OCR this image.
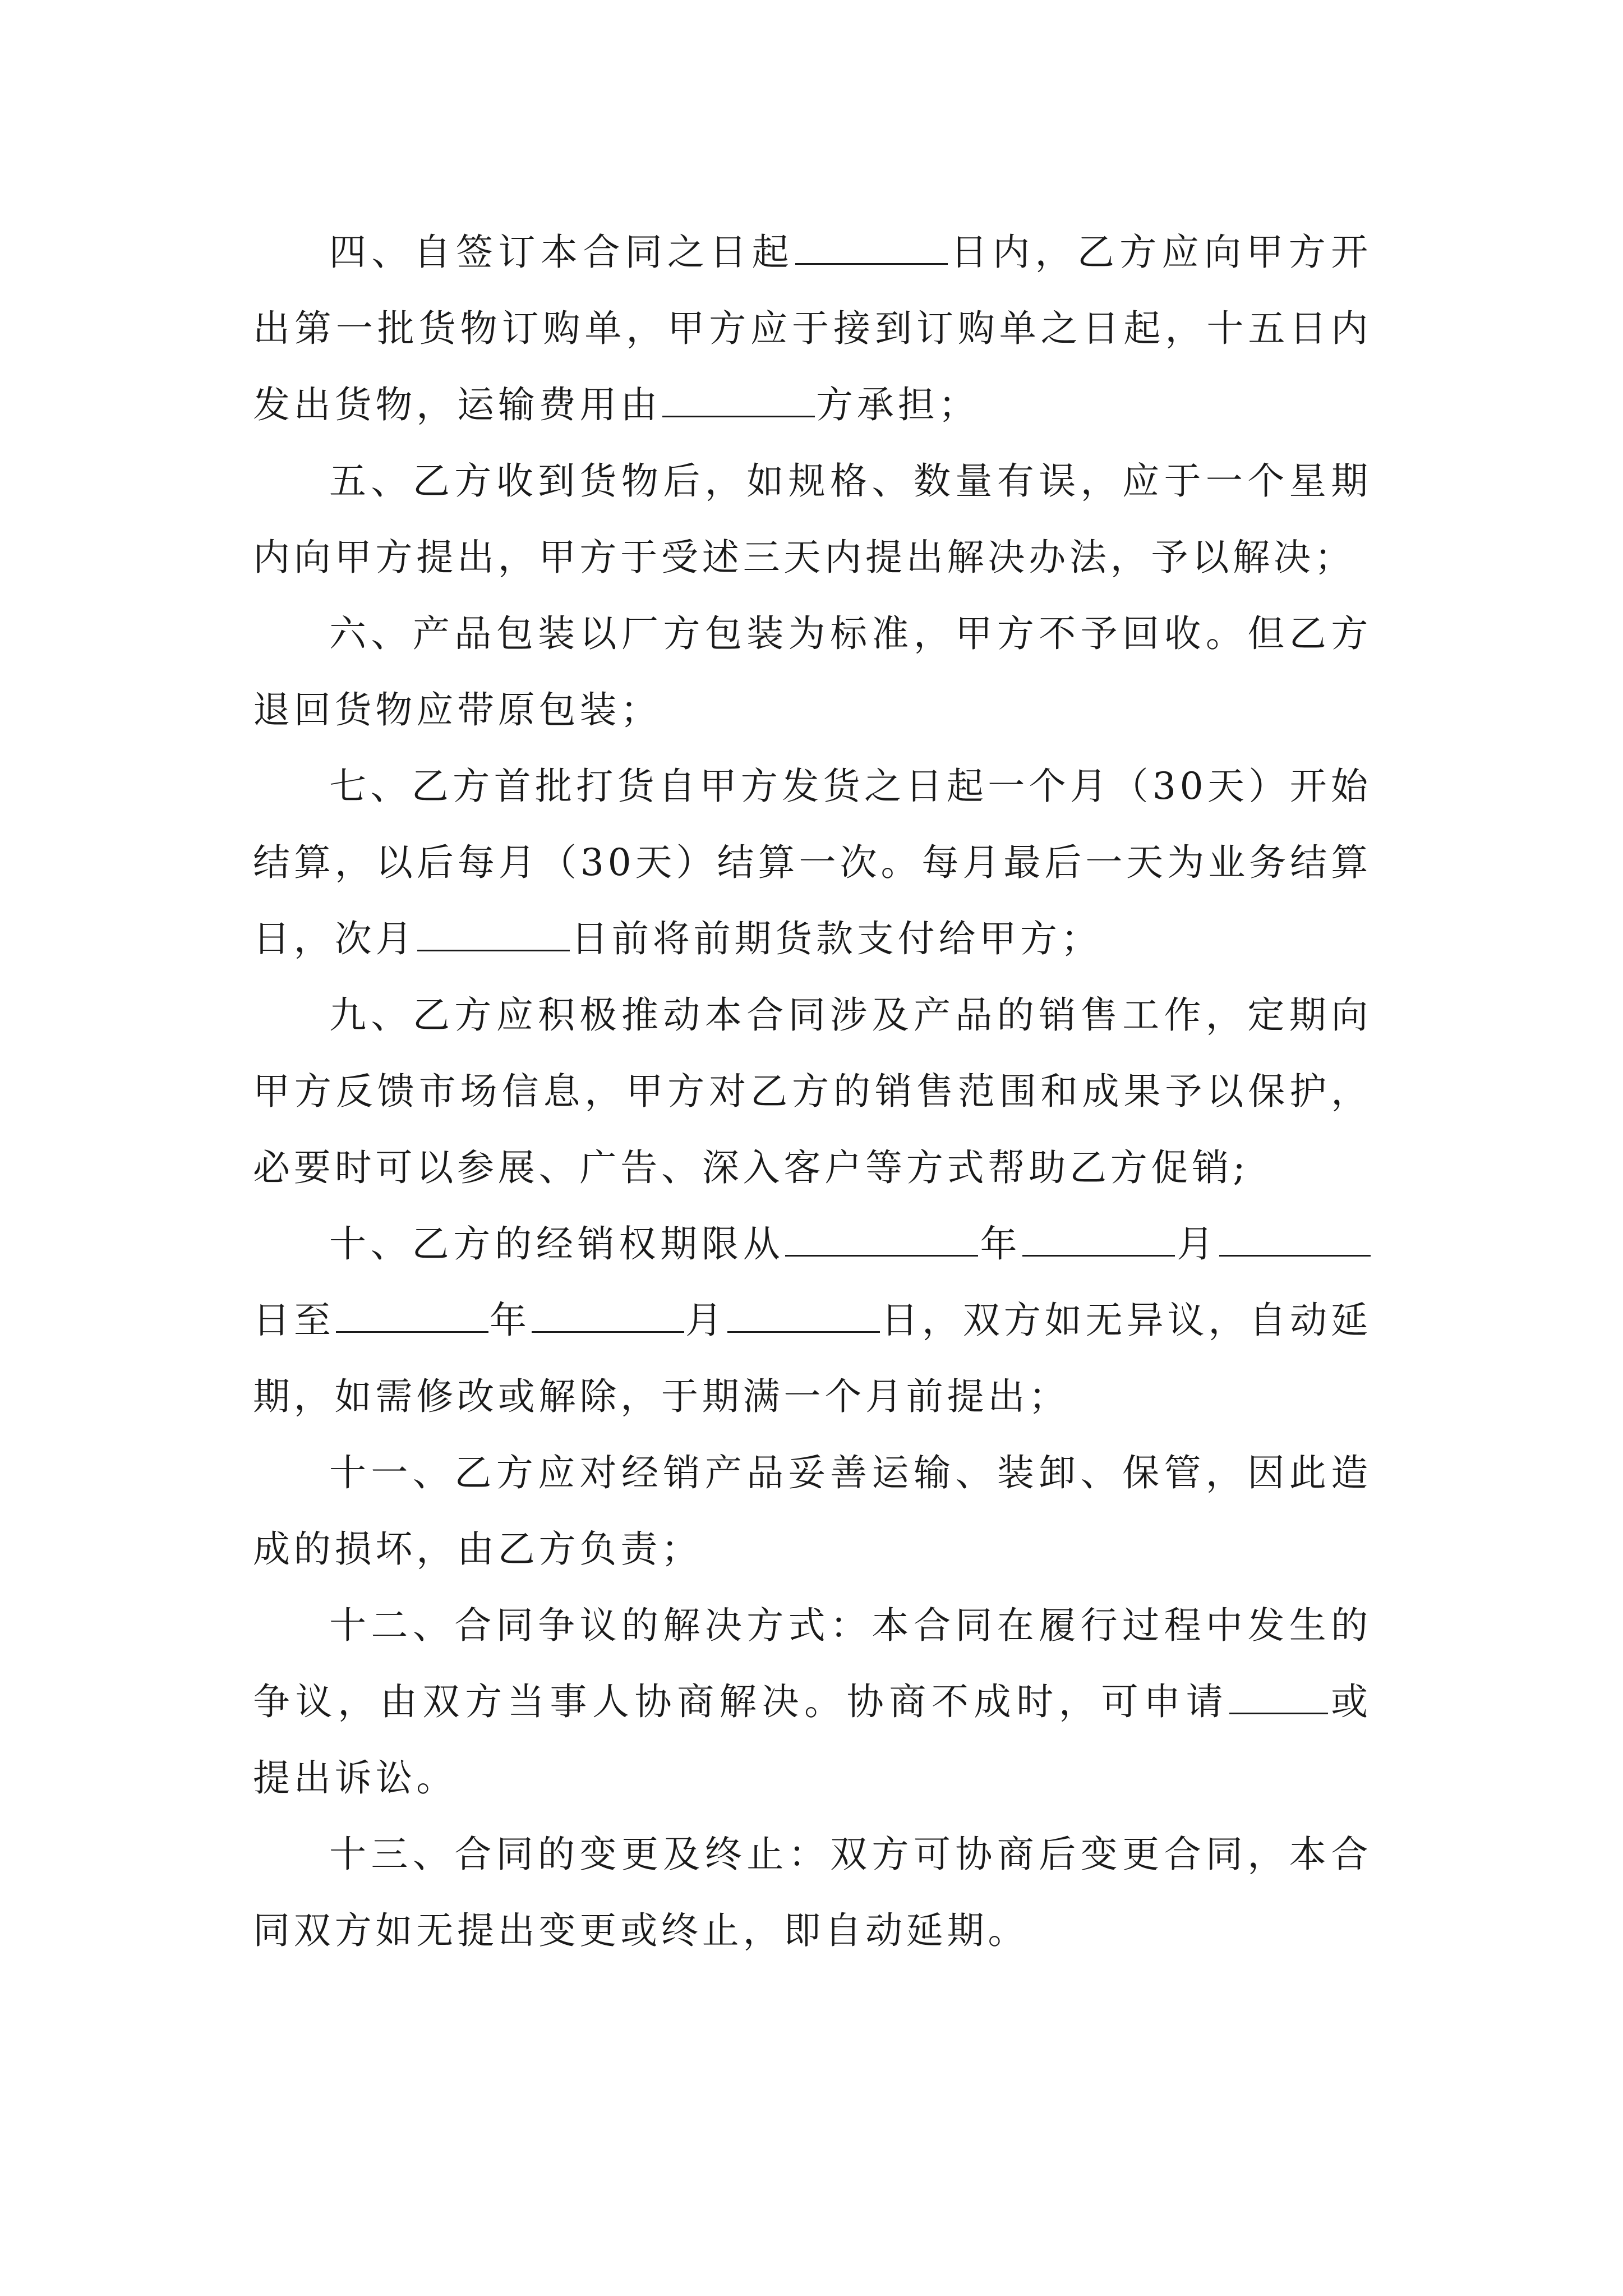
四、自签订本合同之日起	日内，乙方应向甲方开出第一批货物订购单，甲方应于接到订购单之日起，十五日内发出货物，运输费用由	方承担；

五、乙方收到货物后，如规格、数量有误，应于一个星期内向甲方提出，甲方于受述三天内提出解决办法，予以解决；

六、产品包装以厂方包装为标准，甲方不予回收。但乙方退回货物应带原包装；

七、乙方首批打货自甲方发货之日起一个月（30天）开始结算，以后每月（30天）结算一次。每月最后一天为业务结算日，次月	日前将前期货款支付给甲方；

九、乙方应积极推动本合同涉及产品的销售工作，定期向甲方反馈市场信息，甲方对乙方的销售范围和成果予以保护，必要时可以参展、广告、深入客户等方式帮助乙方促销;

十、乙方的经销权期限从	年	月日至	年	月	日，双方如无异议，自动延期，如需修改或解除，于期满一个月前提出；

十一、乙方应对经销产品妥善运输、装卸、保管，因此造成的损坏，由乙方负责；

十二、合同争议的解决方式：本合同在履行过程中发生的争议，由双方当事人协商解决。协商不成时，可申请	或提出诉讼。

十三、合同的变更及终止：双方可协商后变更合同，本合同双方如无提出变更或终止，即自动延期。
